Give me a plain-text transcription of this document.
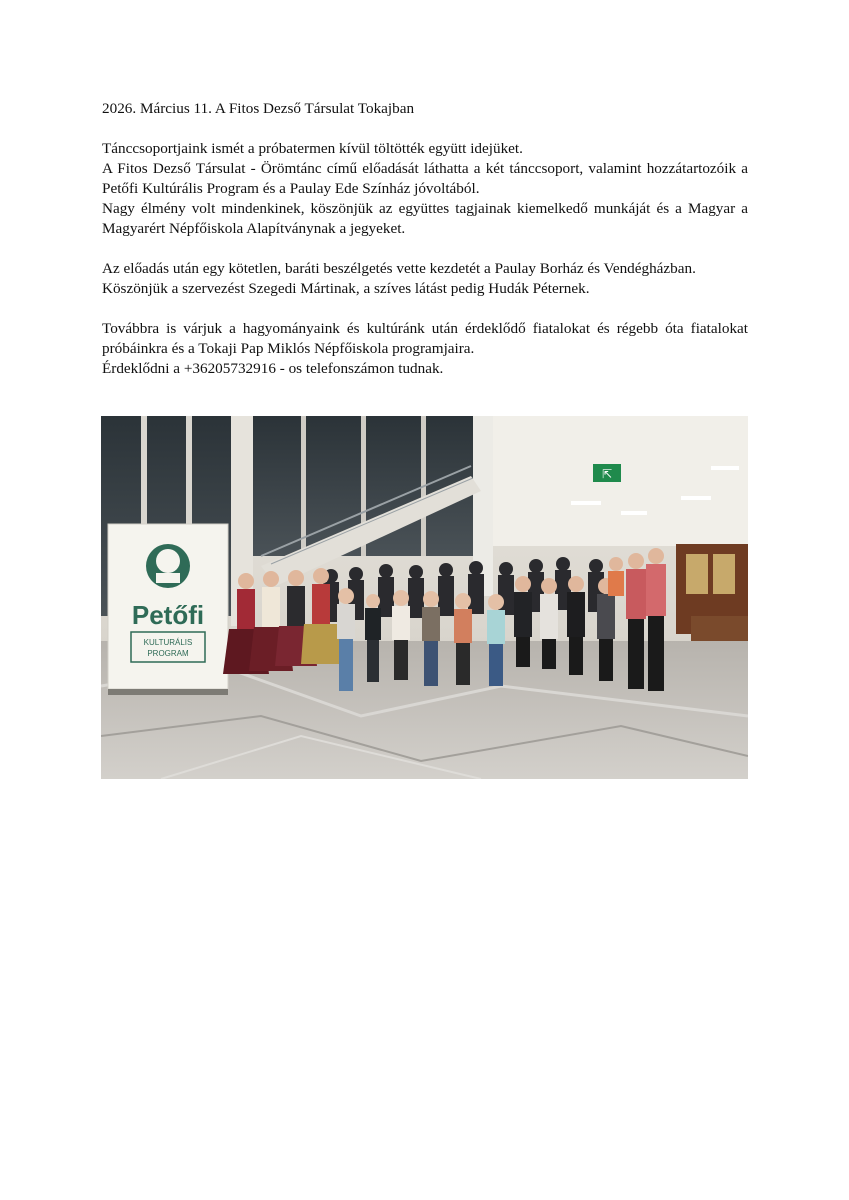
2026. Március 11. A Fitos Dezső Társulat Tokajban

Tánccsoportjaink ismét a próbatermen kívül töltötték együtt idejüket.

A Fitos Dezső Társulat - Örömtánc című előadását láthatta a két tánccsoport, valamint hozzátartozóik a Petőfi Kultúrális Program és a Paulay Ede Színház jóvoltából.

Nagy élmény volt mindenkinek, köszönjük az együttes tagjainak kiemelkedő munkáját és a Magyar a Magyarért Népfőiskola Alapítványnak a jegyeket.

Az előadás után egy kötetlen, baráti beszélgetés vette kezdetét a Paulay Borház és Vendégházban.

Köszönjük a szervezést Szegedi Mártinak, a szíves látást pedig Hudák Péternek.

Továbbra is várjuk a hagyományaink és kultúránk után érdeklődő fiatalokat és régebb óta fiatalokat próbáinkra és a Tokaji Pap Miklós Népfőiskola programjaira.

Érdeklődni a +36205732916 - os telefonszámon tudnak.

⇱
Petőfi
KULTURÁLIS
PROGRAM
